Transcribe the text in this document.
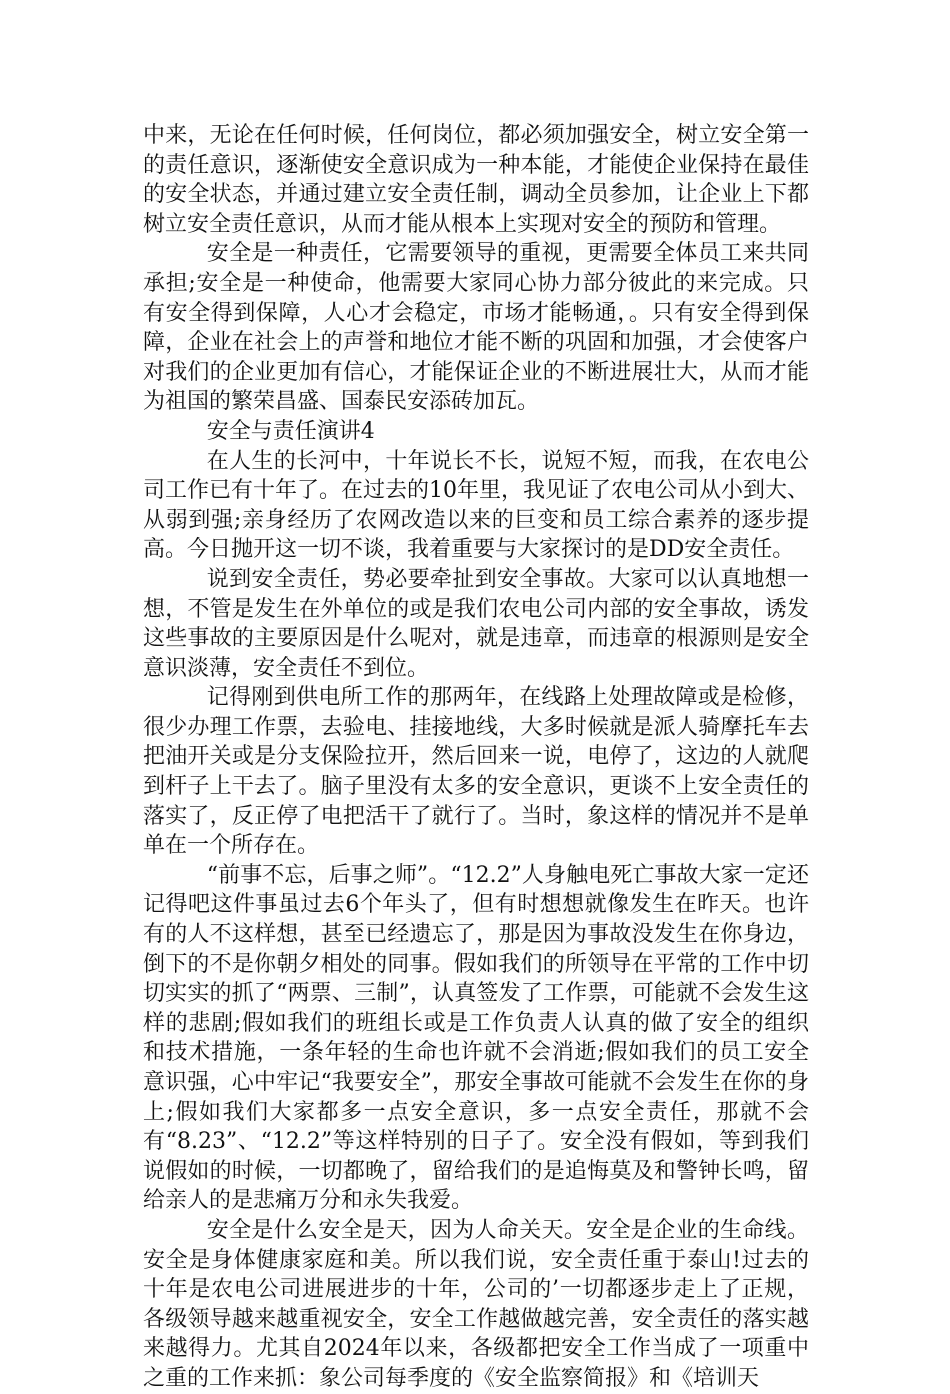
中来，无论在任何时候，任何岗位，都必须加强安全，树立安全第一的责任意识，逐渐使安全意识成为一种本能，才能使企业保持在最佳的安全状态，并通过建立安全责任制，调动全员参加，让企业上下都树立安全责任意识，从而才能从根本上实现对安全的预防和管理。

安全是一种责任，它需要领导的重视，更需要全体员工来共同承担;安全是一种使命，他需要大家同心协力部分彼此的来完成。只有安全得到保障，人心才会稳定，市场才能畅通，。只有安全得到保障，企业在社会上的声誉和地位才能不断的巩固和加强，才会使客户对我们的企业更加有信心，才能保证企业的不断进展壮大，从而才能为祖国的繁荣昌盛、国泰民安添砖加瓦。

安全与责任演讲4

在人生的长河中，十年说长不长，说短不短，而我，在农电公司工作已有十年了。在过去的10年里，我见证了农电公司从小到大、从弱到强;亲身经历了农网改造以来的巨变和员工综合素养的逐步提高。今日抛开这一切不谈，我着重要与大家探讨的是DD安全责任。

说到安全责任，势必要牵扯到安全事故。大家可以认真地想一想，不管是发生在外单位的或是我们农电公司内部的安全事故，诱发这些事故的主要原因是什么呢对，就是违章，而违章的根源则是安全意识淡薄，安全责任不到位。

记得刚到供电所工作的那两年，在线路上处理故障或是检修，很少办理工作票，去验电、挂接地线，大多时候就是派人骑摩托车去把油开关或是分支保险拉开，然后回来一说，电停了，这边的人就爬到杆子上干去了。脑子里没有太多的安全意识，更谈不上安全责任的落实了，反正停了电把活干了就行了。当时，象这样的情况并不是单单在一个所存在。

“前事不忘，后事之师”。“12.2”人身触电死亡事故大家一定还记得吧这件事虽过去6个年头了，但有时想想就像发生在昨天。也许有的人不这样想，甚至已经遗忘了，那是因为事故没发生在你身边，倒下的不是你朝夕相处的同事。假如我们的所领导在平常的工作中切切实实的抓了“两票、三制”，认真签发了工作票，可能就不会发生这样的悲剧;假如我们的班组长或是工作负责人认真的做了安全的组织和技术措施，一条年轻的生命也许就不会消逝;假如我们的员工安全意识强，心中牢记“我要安全”，那安全事故可能就不会发生在你的身上;假如我们大家都多一点安全意识，多一点安全责任，那就不会有“8.23”、“12.2”等这样特别的日子了。安全没有假如，等到我们说假如的时候，一切都晚了，留给我们的是追悔莫及和警钟长鸣，留给亲人的是悲痛万分和永失我爱。

安全是什么安全是天，因为人命关天。安全是企业的生命线。安全是身体健康家庭和美。所以我们说，安全责任重于泰山!过去的十年是农电公司进展进步的十年，公司的’一切都逐步走上了正规，各级领导越来越重视安全，安全工作越做越完善，安全责任的落实越来越得力。尤其自2024年以来，各级都把安全工作当成了一项重中之重的工作来抓：象公司每季度的《安全监察简报》和《培训天
